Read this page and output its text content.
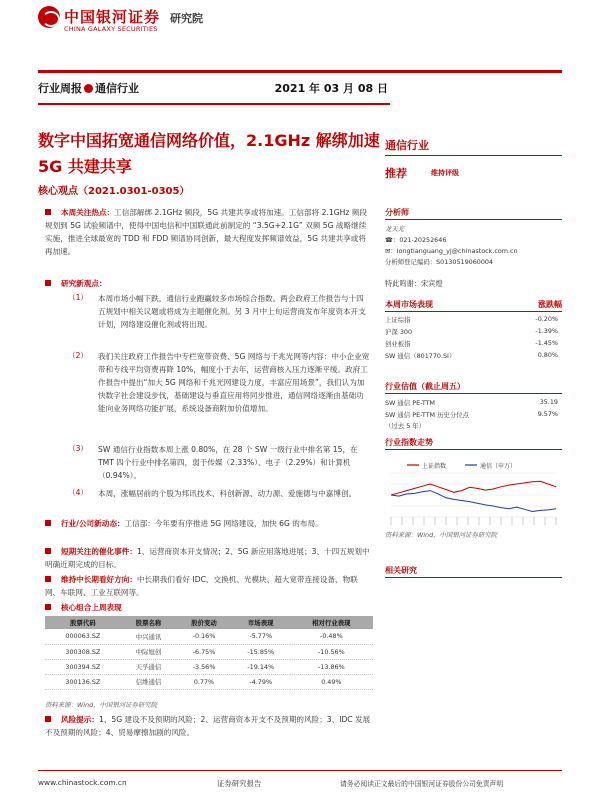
中国银河证券
CHINA GALAXY SECURITIES
研究院
行业周报 通信行业	2021 年 03 月 08 日
数字中国拓宽通信网络价值，2.1GHz 解绑加速 5G 共建共享
核心观点（2021.0301-0305）
本周关注热点：工信部解绑 2.1GHz 频段，5G 共建共享或将加速。工信部将 2.1GHz 频段规划到 5G 试验频谱中，使得中国电信和中国联通此前制定的 “3.5G+2.1G” 双频 5G 战略继续实施，推进全球最宽的 TDD 和 FDD 频谱协同创新，最大程度发挥频谱效益，5G 共建共享或将再加速。
研究新观点：
（1） 本周市场小幅下跌，通信行业跑赢较多市场综合指数。两会政府工作报告与十四五规划中相关议题或将成为主题催化剂。另 3 月中上旬运营商发布年度资本开支计划，网络建设催化剂或将出现。
（2） 我们关注政府工作报告中专栏宽带资费、5G 网络与千兆光网等内容：中小企业宽带和专线平均资费再降 10%，幅度小于去年，运营商核入压力逐渐平缓。政府工作报告中提出“加大 5G 网络和千兆光网建设力度，丰富应用场景”，我们认为加快数字社会建设步伐，基础建设与垂直应用将同步推进，通信网络逐渐由基础功能向业务网络功能扩展，系统设备商附加价值增加。
（3） SW 通信行业指数本周上涨 0.80%，在 28 个 SW 一级行业中排名第 15，在 TMT 四个行业中排名第四，弱于传媒（2.33%）、电子（2.29%）和计算机（0.94%）。
（4） 本周，涨幅居前的个股为邦讯技术、科创新源、动力源、爱施德与中嘉博创。
行业/公司新动态：工信部：今年要有序推进 5G 网络建设，加快 6G 的布局。
短期关注的催化事件：1、运营商资本开支情况；2、5G 新应用落地进展；3、十四五规划中明确近期完成的目标。
维持中长期看好方向：中长期我们看好 IDC、交换机、光模块、超大宽带连接设备、物联网、车联网、工业互联网等。
核心组合上周表现
股票代码	股票名称	股价变动	市场表现	相对行业表现
000063.SZ	中兴通讯	-0.16%	-5.77%	-0.48%
300308.SZ	中际旭创	-6.75%	-15.85%	-10.56%
300394.SZ	天孚通信	-3.56%	-19.14%	-13.86%
300136.SZ	信维通信	0.77%	-4.79%	0.49%
资料来源：Wind，中国银河证券研究院
风险提示：1、5G 建设不及预期的风险；2、运营商资本开支不及预期的风险；3、IDC 发展不及预期的风险；4、贸易摩擦加剧的风险。
通信行业
推荐	维持评级
分析师
龙天光
☎：021-20252646
✉：longtianguang_yj@chinastock.com.cn
分析师登记编码：S0130519060004
特此鸣谢：宋宾煌
本周市场表现	涨跌幅
上证综指	-0.20%
沪深 300	-1.39%
创业板指	-1.45%
SW 通信（801770.SI）	0.80%
行业估值（截止周五）
SW 通信 PE-TTM	35.19
SW 通信 PE-TTM 历史分位点	9.57%
（过去 5 年）
行业指数走势
上证指数	通信（申万）
资料来源：Wind，中国银河证券研究院
相关研究
www.chinastock.com.cn	证券研究报告	请务必阅读正文最后的中国银河证券股份公司免责声明
